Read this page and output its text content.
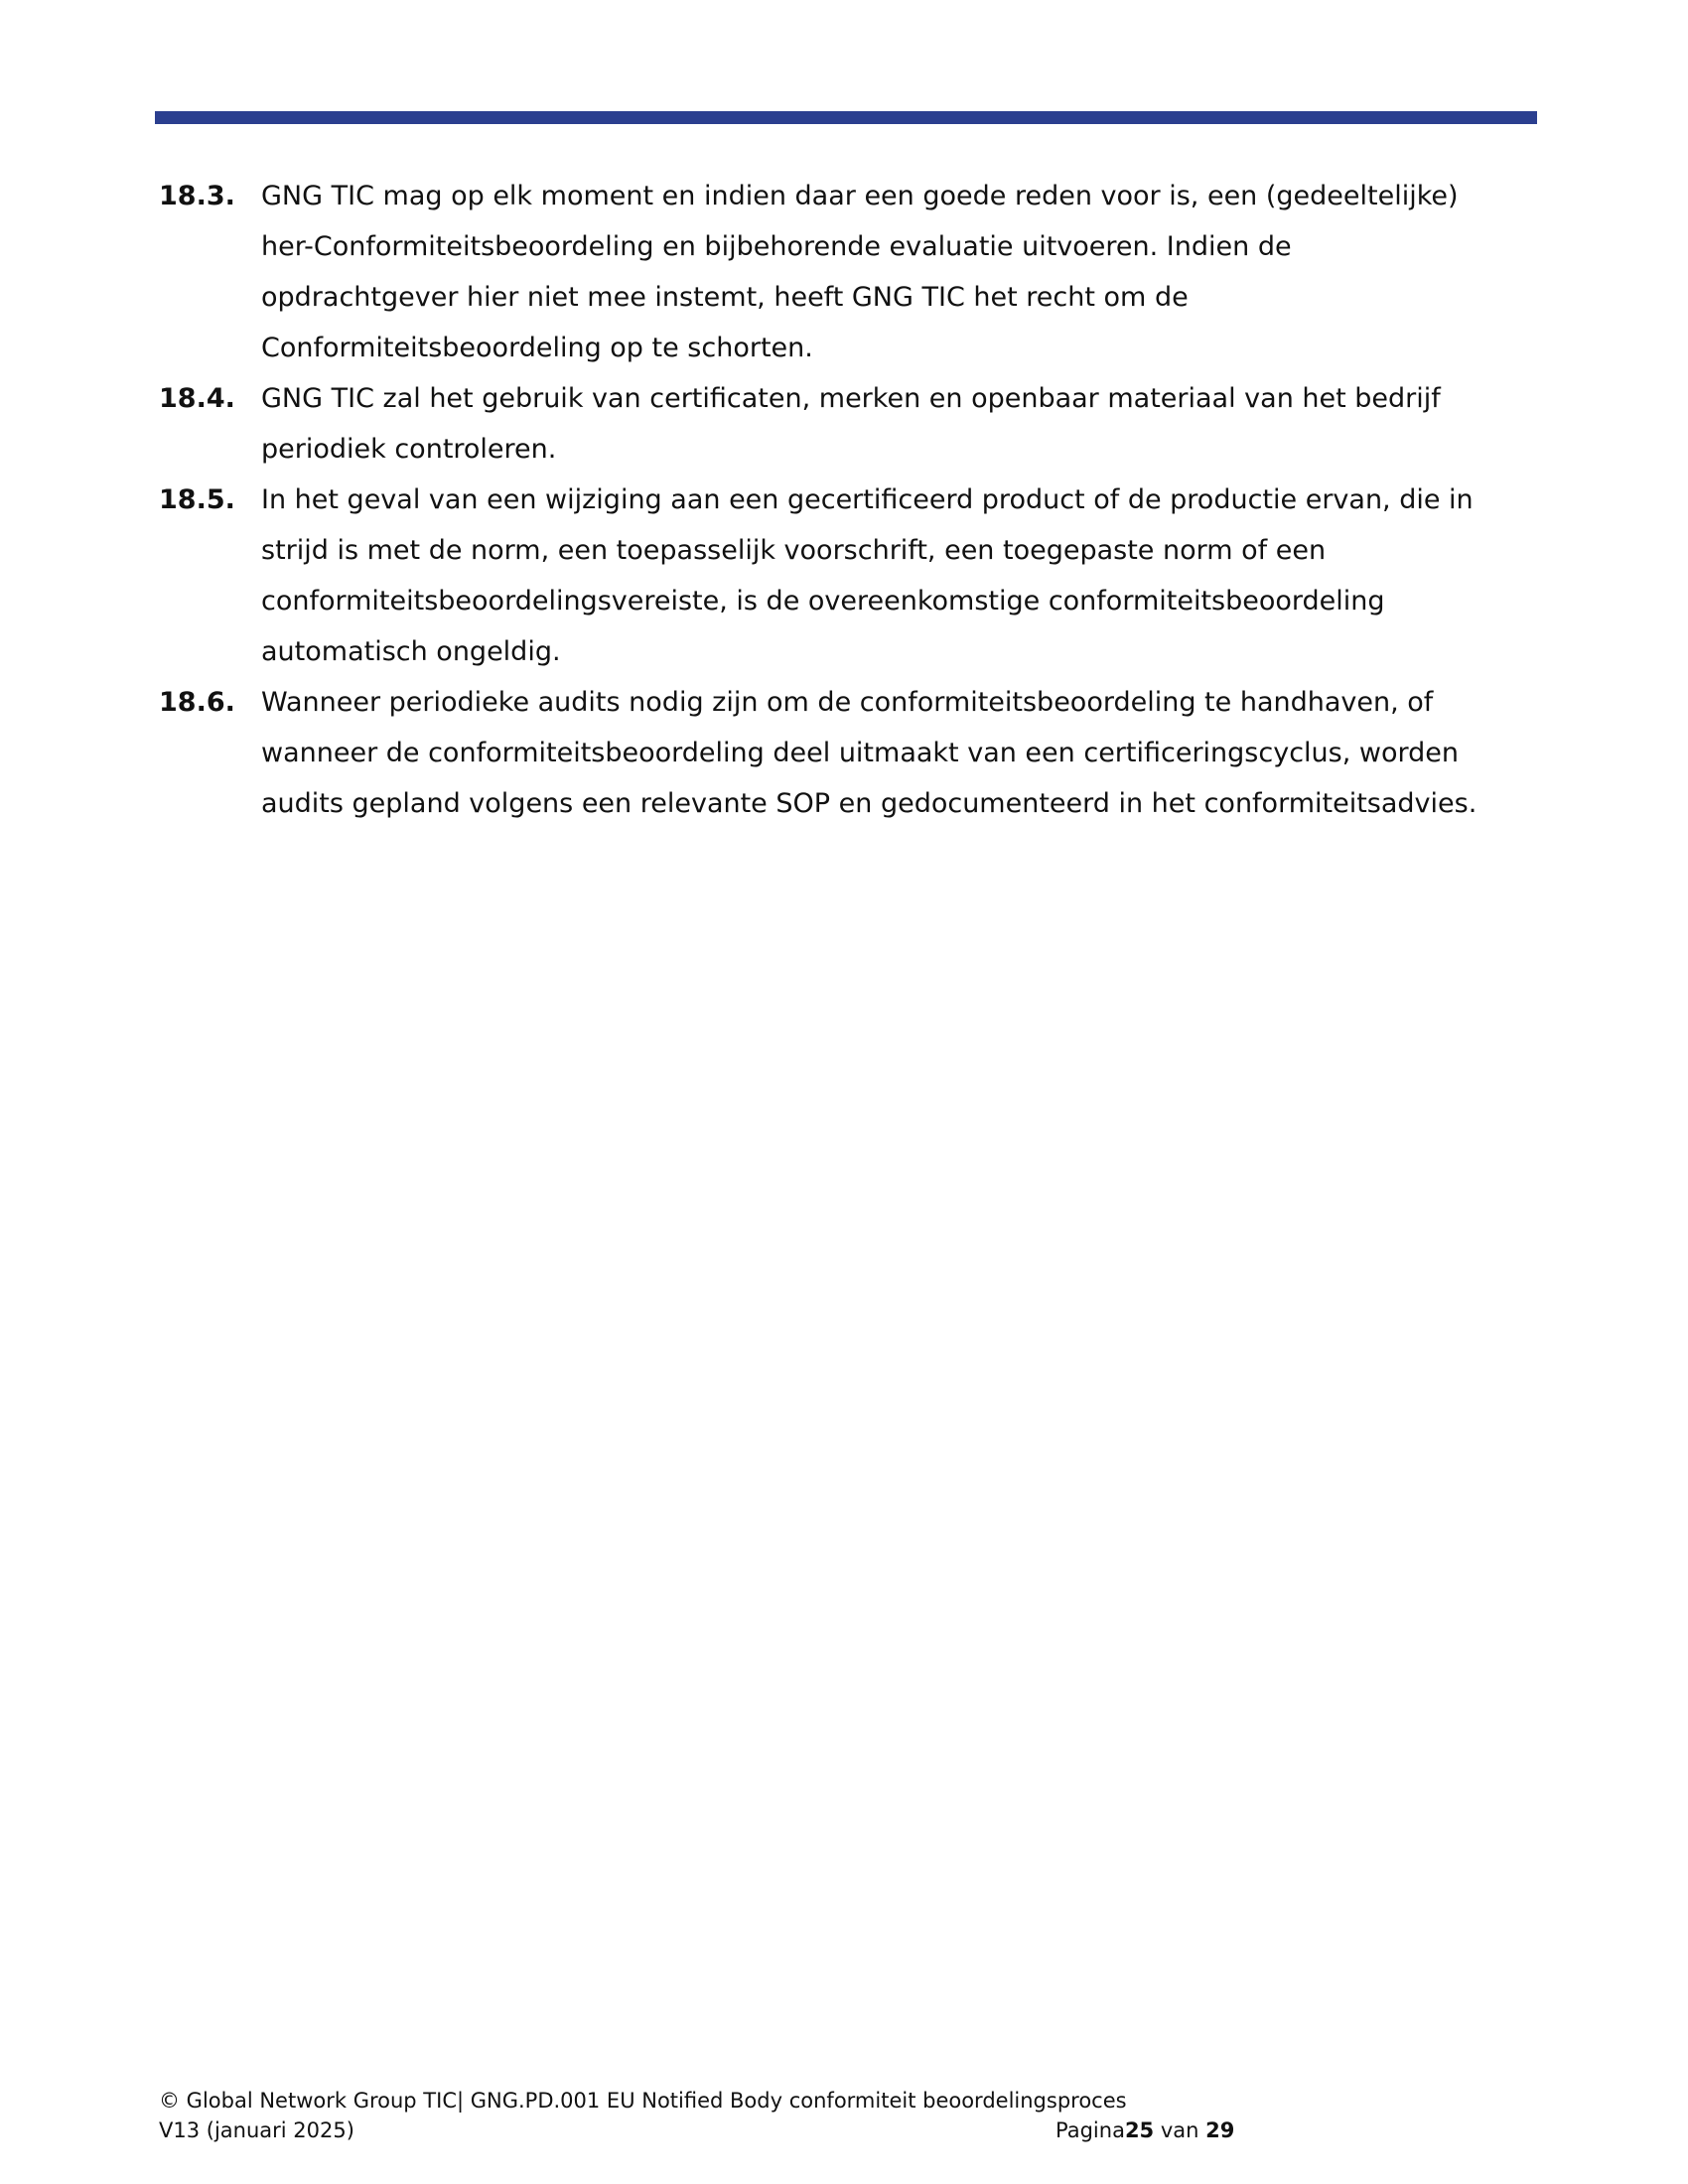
18.3. GNG TIC mag op elk moment en indien daar een goede reden voor is, een (gedeeltelijke)
her-Conformiteitsbeoordeling en bijbehorende evaluatie uitvoeren. Indien de
opdrachtgever hier niet mee instemt, heeft GNG TIC het recht om de
Conformiteitsbeoordeling op te schorten.
18.4. GNG TIC zal het gebruik van certificaten, merken en openbaar materiaal van het bedrijf
periodiek controleren.
18.5. In het geval van een wijziging aan een gecertificeerd product of de productie ervan, die in
strijd is met de norm, een toepasselijk voorschrift, een toegepaste norm of een
conformiteitsbeoordelingsvereiste, is de overeenkomstige conformiteitsbeoordeling
automatisch ongeldig.
18.6. Wanneer periodieke audits nodig zijn om de conformiteitsbeoordeling te handhaven, of
wanneer de conformiteitsbeoordeling deel uitmaakt van een certificeringscyclus, worden
audits gepland volgens een relevante SOP en gedocumenteerd in het conformiteitsadvies.
© Global Network Group TIC| GNG.PD.001 EU Notified Body conformiteit beoordelingsproces
V13 (januari 2025)	Pagina25 van 29
